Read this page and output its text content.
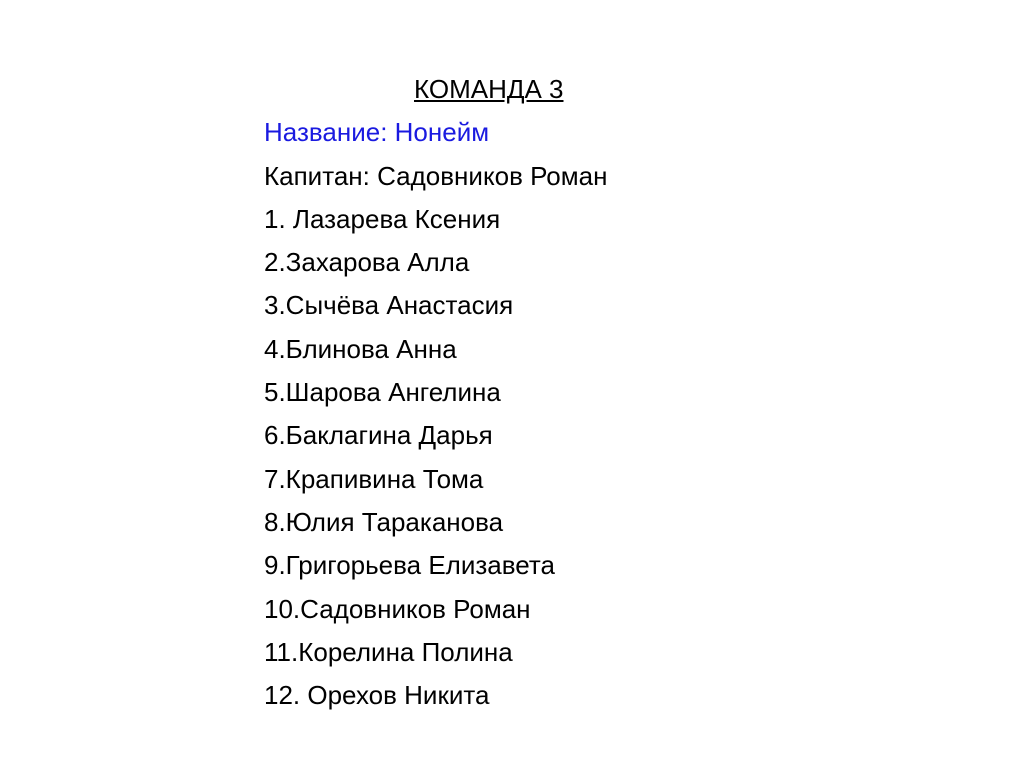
КОМАНДА 3
Название: Нонейм
Капитан: Садовников Роман
1. Лазарева Ксения
2.Захарова Алла
3.Сычёва Анастасия
4.Блинова Анна
5.Шарова Ангелина
6.Баклагина Дарья
7.Крапивина Тома
8.Юлия Тараканова
9.Григорьева Елизавета
10.Садовников Роман
11.Корелина Полина
12. Орехов Никита
